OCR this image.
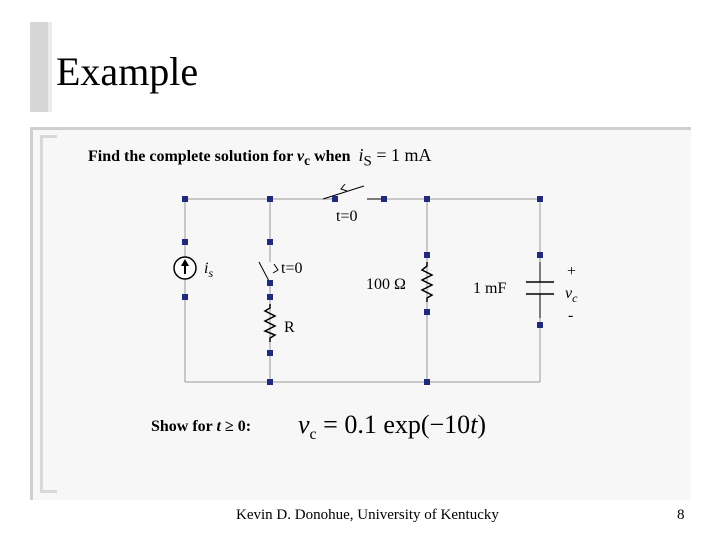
Example
Find the complete solution for $v_c$ when $i_S = 1$ mA
t=0
$i_s$	t=0
R
100 Ω	1 mF
+
$v_c$
-
Show for t ≥ 0: $v_c = 0.1$ exp(−10t)
Kevin D. Donohue, University of Kentucky	8
